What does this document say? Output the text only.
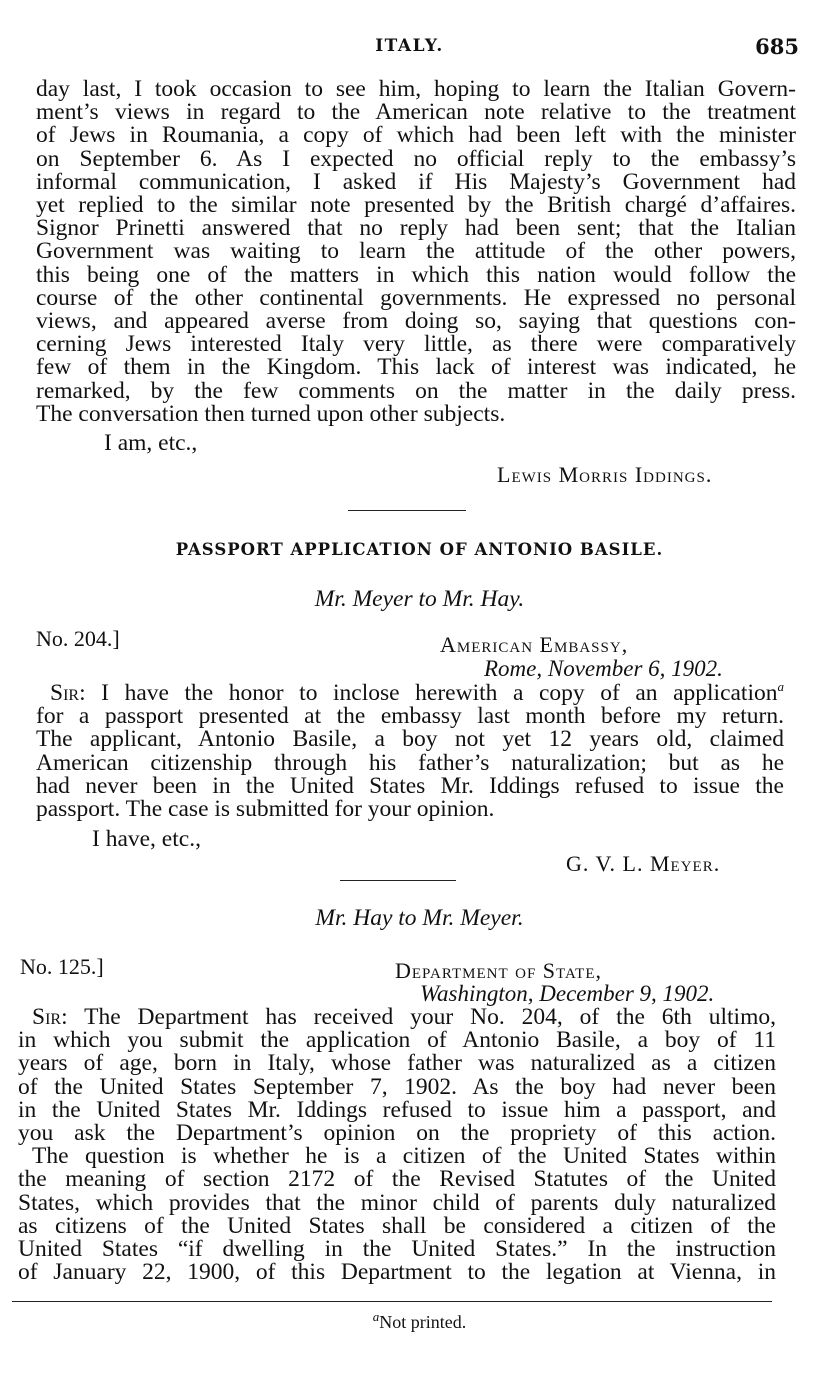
ITALY.	685

day last, I took occasion to see him, hoping to learn the Italian Govern-

ment’s views in regard to the American note relative to the treatment

of Jews in Roumania, a copy of which had been left with the minister

on September 6. As I expected no official reply to the embassy’s

informal communication, I asked if His Majesty’s Government had

yet replied to the similar note presented by the British chargé d’affaires.

Signor Prinetti answered that no reply had been sent; that the Italian

Government was waiting to learn the attitude of the other powers,

this being one of the matters in which this nation would follow the

course of the other continental governments. He expressed no personal

views, and appeared averse from doing so, saying that questions con-

cerning Jews interested Italy very little, as there were comparatively

few of them in the Kingdom. This lack of interest was indicated, he

remarked, by the few comments on the matter in the daily press.

The conversation then turned upon other subjects.

I am, etc.,
Lewis Morris Iddings.
PASSPORT APPLICATION OF ANTONIO BASILE.
Mr. Meyer to Mr. Hay.
No. 204.]	American Embassy,
Rome, November 6, 1902.

Sir: I have the honor to inclose herewith a copy of an application$^a$

for a passport presented at the embassy last month before my return.

The applicant, Antonio Basile, a boy not yet 12 years old, claimed

American citizenship through his father’s naturalization; but as he

had never been in the United States Mr. Iddings refused to issue the

passport. The case is submitted for your opinion.

I have, etc.,
G. V. L. Meyer.
Mr. Hay to Mr. Meyer.
No. 125.]	Department of State,
Washington, December 9, 1902.

Sir: The Department has received your No. 204, of the 6th ultimo,

in which you submit the application of Antonio Basile, a boy of 11

years of age, born in Italy, whose father was naturalized as a citizen

of the United States September 7, 1902. As the boy had never been

in the United States Mr. Iddings refused to issue him a passport, and

you ask the Department’s opinion on the propriety of this action.

The question is whether he is a citizen of the United States within

the meaning of section 2172 of the Revised Statutes of the United

States, which provides that the minor child of parents duly naturalized

as citizens of the United States shall be considered a citizen of the

United States “if dwelling in the United States.” In the instruction

of January 22, 1900, of this Department to the legation at Vienna, in

$^a$Not printed.
